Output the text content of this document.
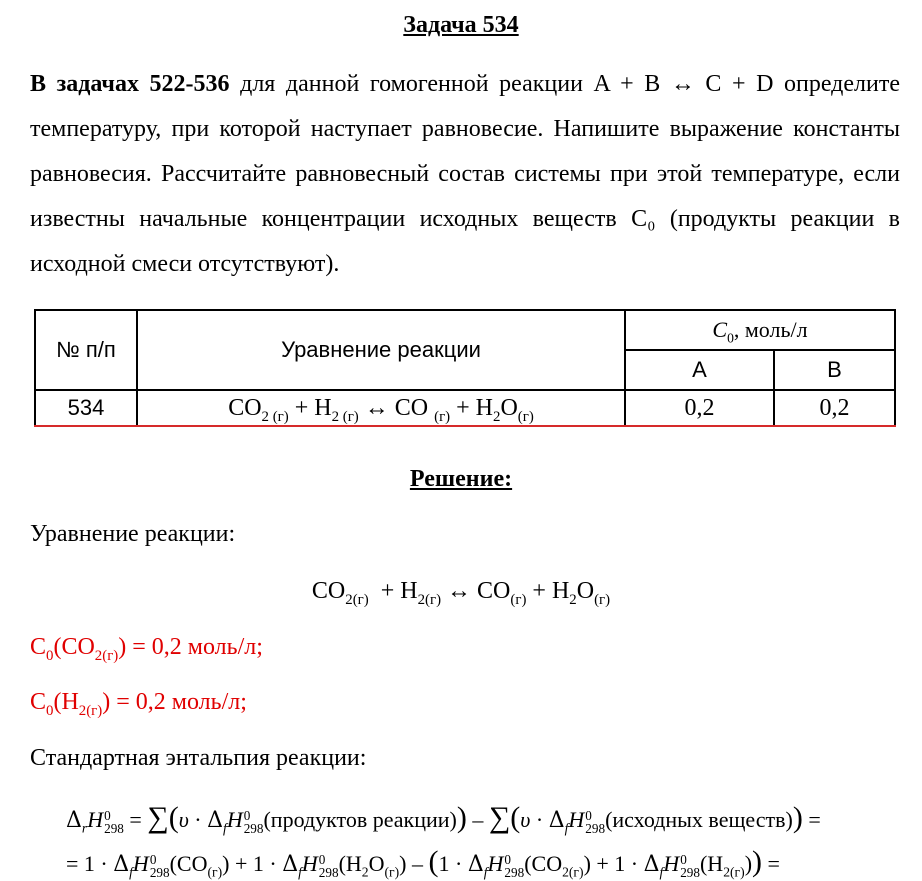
Задача 534

В задачах 522-536 для данной гомогенной реакции A + B ↔ C + D определите температуру, при которой наступает равновесие. Напишите выражение константы равновесия. Рассчитайте равновесный состав системы при этой температуре, если известны начальные концентрации исходных веществ C₀ (продукты реакции в исходной смеси отсутствуют).

№ п/п	Уравнение реакции	$C_0$, моль/л	
		A	B
534	$CO_{2 (г)} + H_{2 (г)}$ ↔ CO $_{(г)} + H_2O_{(г)}$	0,2	0,2
Решение:
Уравнение реакции:
$CO_{2(г)} + H_{2(г)}$ ↔ $CO_{(г)} + H_2O_{(г)}$
$C_0(CO_{2(г)}) = 0,2$ моль/л;
$C_0(H_{2(г)}) = 0,2$ моль/л;
Стандартная энтальпия реакции:
$\Delta_rH$ 0
$298 = \sum(\upsilon \cdot \Delta_fH$ 0
298 (продуктов реакции)) – $\sum(\upsilon \cdot \Delta_fH$ 0
298 (исходных веществ)) =
= $1 \cdot \Delta_fH$ 0
298 $(CO_{(г)}) + 1 \cdot \Delta_fH$ 0
298 $(H_2O_{(г)}) - (1 \cdot \Delta_fH$ 0
298 $(CO_{2(г)}) + 1 \cdot \Delta_fH$ 0
298 $(H_{2(г)})$) =
